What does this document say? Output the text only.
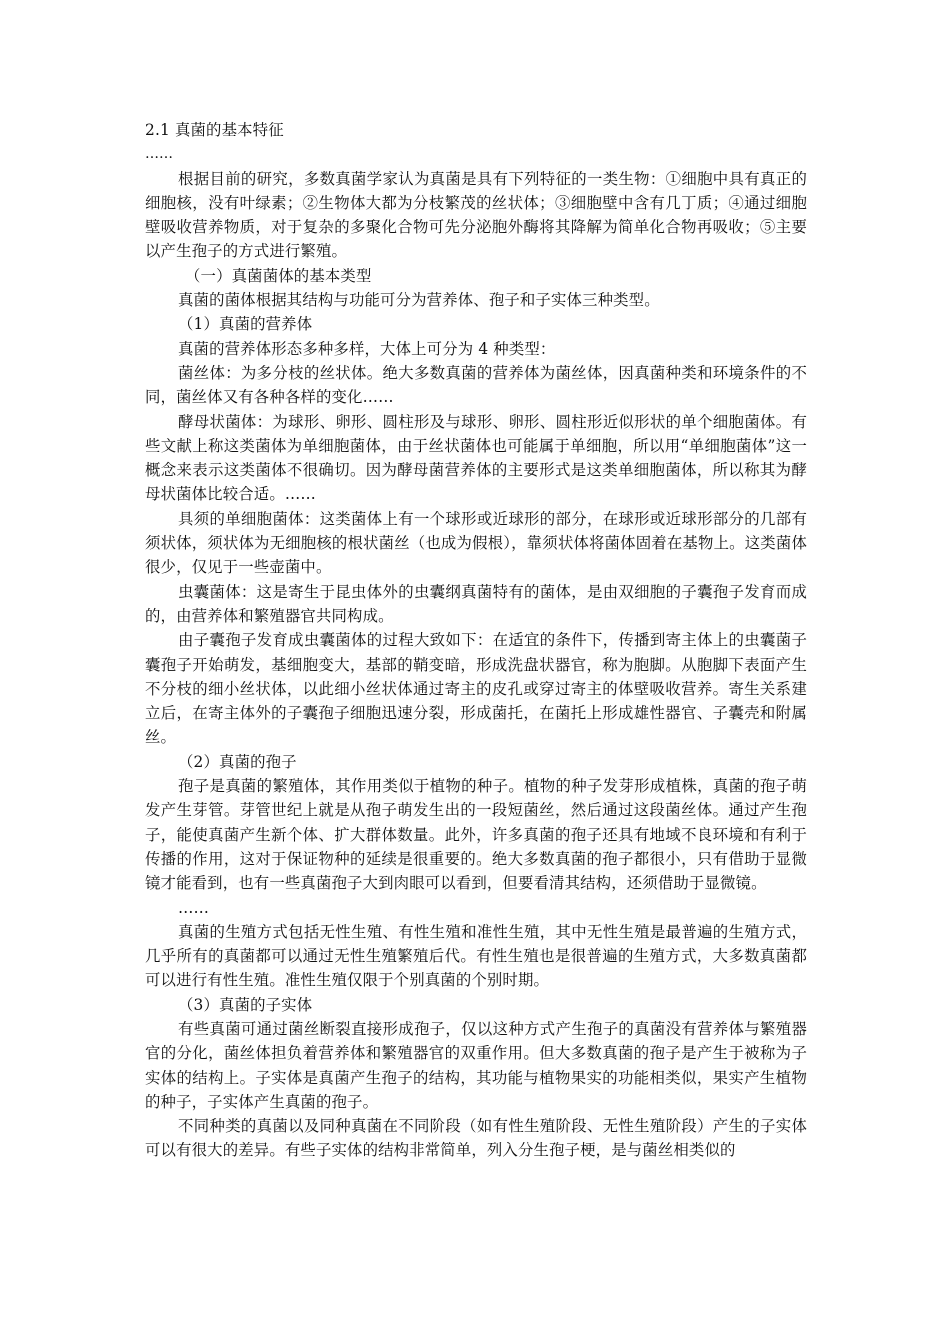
2.1 真菌的基本特征

……

根据目前的研究，多数真菌学家认为真菌是具有下列特征的一类生物：①细胞中具有真正的细胞核，没有叶绿素；②生物体大都为分枝繁茂的丝状体；③细胞壁中含有几丁质；④通过细胞壁吸收营养物质，对于复杂的多聚化合物可先分泌胞外酶将其降解为简单化合物再吸收；⑤主要以产生孢子的方式进行繁殖。

（一）真菌菌体的基本类型

真菌的菌体根据其结构与功能可分为营养体、孢子和子实体三种类型。

（1）真菌的营养体

真菌的营养体形态多种多样，大体上可分为 4 种类型：

菌丝体：为多分枝的丝状体。绝大多数真菌的营养体为菌丝体，因真菌种类和环境条件的不同，菌丝体又有各种各样的变化……

酵母状菌体：为球形、卵形、圆柱形及与球形、卵形、圆柱形近似形状的单个细胞菌体。有些文献上称这类菌体为单细胞菌体，由于丝状菌体也可能属于单细胞，所以用“单细胞菌体”这一概念来表示这类菌体不很确切。因为酵母菌营养体的主要形式是这类单细胞菌体，所以称其为酵母状菌体比较合适。……

具须的单细胞菌体：这类菌体上有一个球形或近球形的部分，在球形或近球形部分的几部有须状体，须状体为无细胞核的根状菌丝（也成为假根），靠须状体将菌体固着在基物上。这类菌体很少，仅见于一些壶菌中。

虫囊菌体：这是寄生于昆虫体外的虫囊纲真菌特有的菌体，是由双细胞的子囊孢子发育而成的，由营养体和繁殖器官共同构成。

由子囊孢子发育成虫囊菌体的过程大致如下：在适宜的条件下，传播到寄主体上的虫囊菌子囊孢子开始萌发，基细胞变大，基部的鞘变暗，形成洗盘状器官，称为胞脚。从胞脚下表面产生不分枝的细小丝状体，以此细小丝状体通过寄主的皮孔或穿过寄主的体壁吸收营养。寄生关系建立后，在寄主体外的子囊孢子细胞迅速分裂，形成菌托，在菌托上形成雄性器官、子囊壳和附属丝。

（2）真菌的孢子

孢子是真菌的繁殖体，其作用类似于植物的种子。植物的种子发芽形成植株，真菌的孢子萌发产生芽管。芽管世纪上就是从孢子萌发生出的一段短菌丝，然后通过这段菌丝体。通过产生孢子，能使真菌产生新个体、扩大群体数量。此外，许多真菌的孢子还具有地域不良环境和有利于传播的作用，这对于保证物种的延续是很重要的。绝大多数真菌的孢子都很小，只有借助于显微镜才能看到，也有一些真菌孢子大到肉眼可以看到，但要看清其结构，还须借助于显微镜。

……

真菌的生殖方式包括无性生殖、有性生殖和准性生殖，其中无性生殖是最普遍的生殖方式，几乎所有的真菌都可以通过无性生殖繁殖后代。有性生殖也是很普遍的生殖方式，大多数真菌都可以进行有性生殖。准性生殖仅限于个别真菌的个别时期。

（3）真菌的子实体

有些真菌可通过菌丝断裂直接形成孢子，仅以这种方式产生孢子的真菌没有营养体与繁殖器官的分化，菌丝体担负着营养体和繁殖器官的双重作用。但大多数真菌的孢子是产生于被称为子实体的结构上。子实体是真菌产生孢子的结构，其功能与植物果实的功能相类似，果实产生植物的种子，子实体产生真菌的孢子。

不同种类的真菌以及同种真菌在不同阶段（如有性生殖阶段、无性生殖阶段）产生的子实体可以有很大的差异。有些子实体的结构非常简单，列入分生孢子梗，是与菌丝相类似的
